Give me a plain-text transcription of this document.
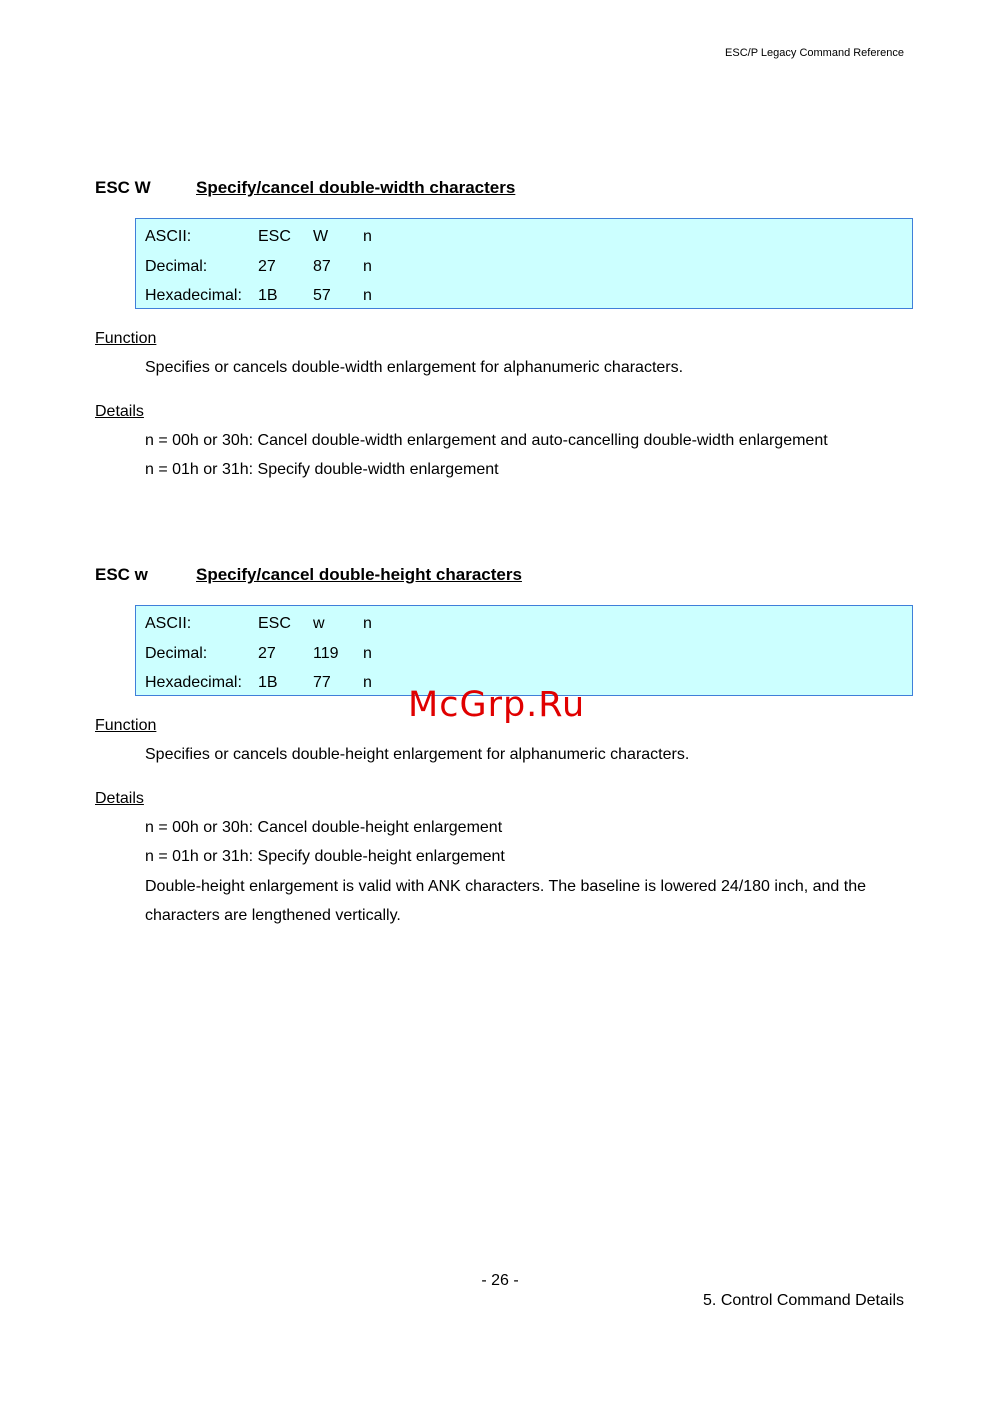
ESC/P Legacy Command Reference
ESC W	Specify/cancel double-width characters
ASCII:	ESC	W	n
Decimal:	27	87	n
Hexadecimal:	1B	57	n
Function
Specifies or cancels double-width enlargement for alphanumeric characters.
Details
n = 00h or 30h: Cancel double-width enlargement and auto-cancelling double-width enlargement
n = 01h or 31h: Specify double-width enlargement
ESC w	Specify/cancel double-height characters
ASCII:	ESC	w	n
Decimal:	27	119	n
Hexadecimal:	1B	77	n
Function
Specifies or cancels double-height enlargement for alphanumeric characters.
Details
n = 00h or 30h: Cancel double-height enlargement
n = 01h or 31h: Specify double-height enlargement
Double-height enlargement is valid with ANK characters. The baseline is lowered 24/180 inch, and the
characters are lengthened vertically.
McGrp.Ru
- 26 -
5. Control Command Details
